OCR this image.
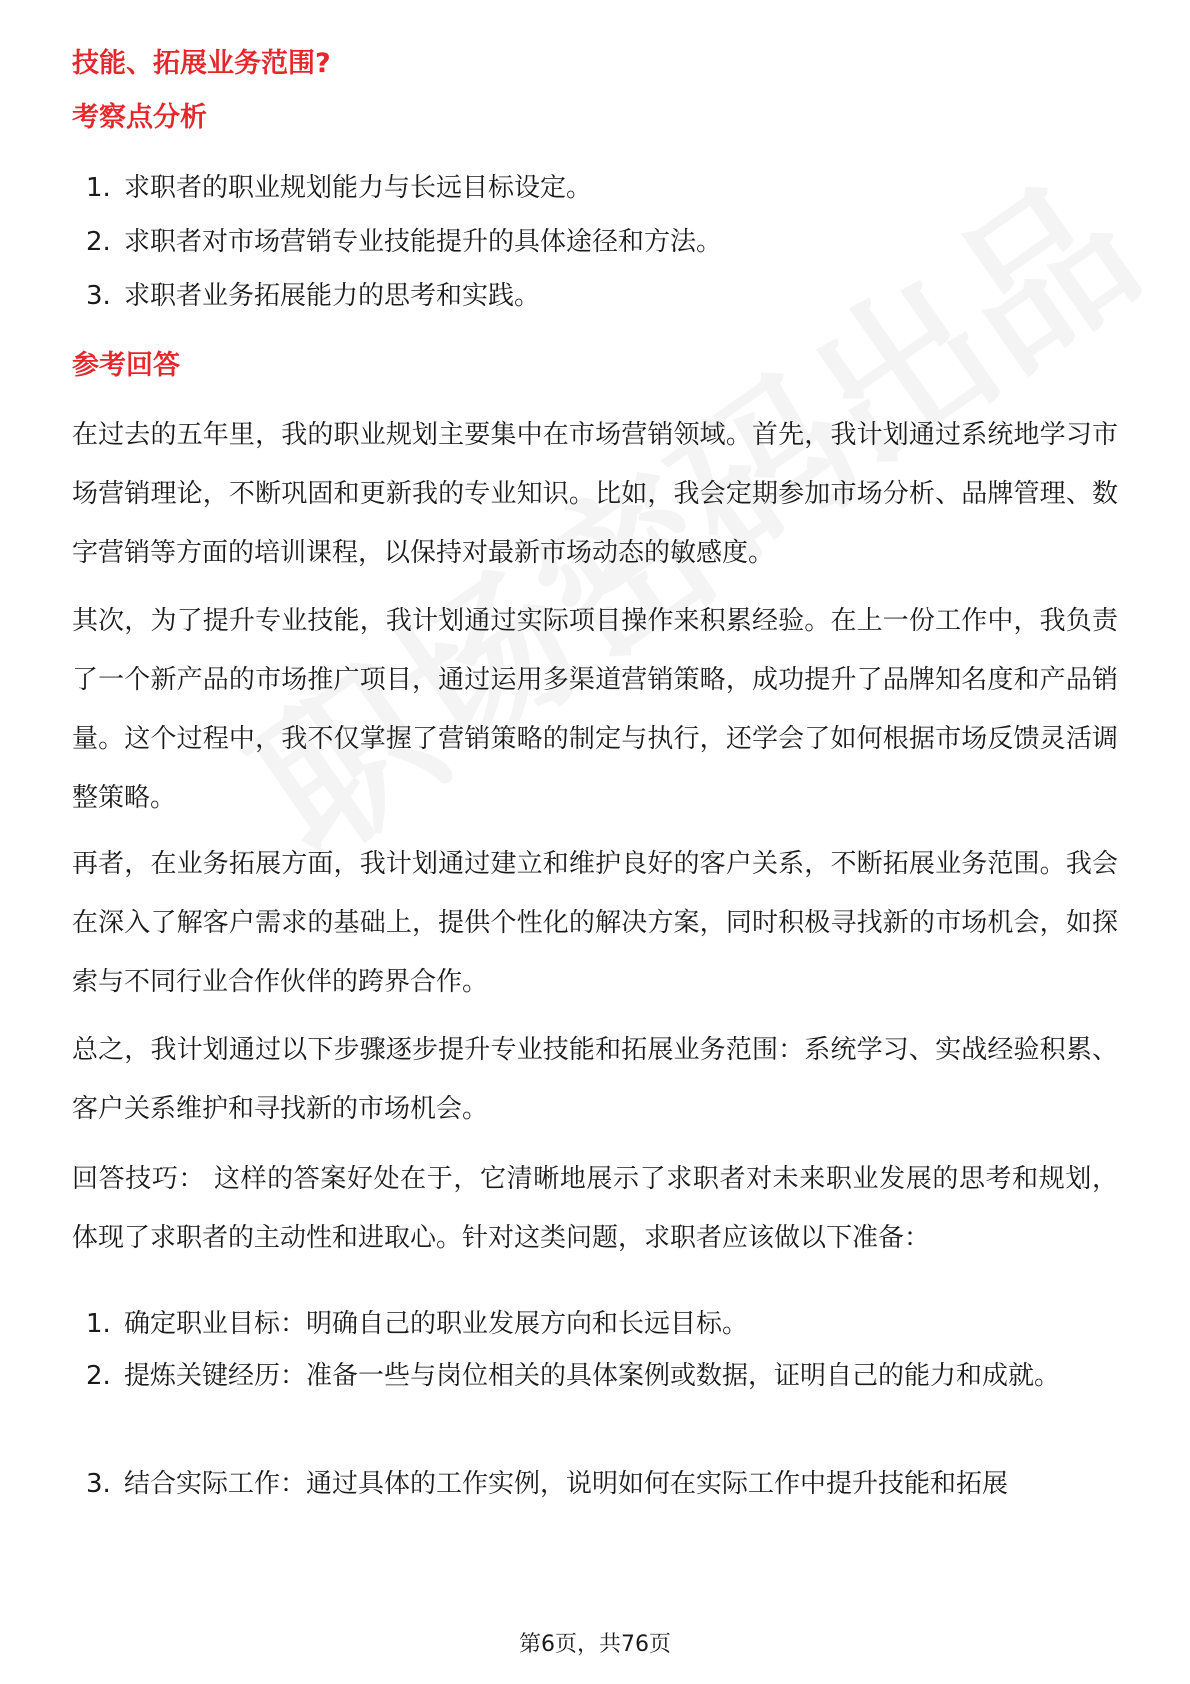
技能、拓展业务范围?
考察点分析
1. 求职者的职业规划能力与长远目标设定。
2. 求职者对市场营销专业技能提升的具体途径和方法。
3. 求职者业务拓展能力的思考和实践。
参考回答
在过去的五年里，我的职业规划主要集中在市场营销领域。首先，我计划通过系统地学习市场营销理论，不断巩固和更新我的专业知识。比如，我会定期参加市场分析、品牌管理、数字营销等方面的培训课程，以保持对最新市场动态的敏感度。
其次，为了提升专业技能，我计划通过实际项目操作来积累经验。在上一份工作中，我负责了一个新产品的市场推广项目，通过运用多渠道营销策略，成功提升了品牌知名度和产品销量。这个过程中，我不仅掌握了营销策略的制定与执行，还学会了如何根据市场反馈灵活调整策略。
再者，在业务拓展方面，我计划通过建立和维护良好的客户关系，不断拓展业务范围。我会在深入了解客户需求的基础上，提供个性化的解决方案，同时积极寻找新的市场机会，如探索与不同行业合作伙伴的跨界合作。
总之，我计划通过以下步骤逐步提升专业技能和拓展业务范围：系统学习、实战经验积累、客户关系维护和寻找新的市场机会。
回答技巧： 这样的答案好处在于，它清晰地展示了求职者对未来职业发展的思考和规划，体现了求职者的主动性和进取心。针对这类问题，求职者应该做以下准备：
1. 确定职业目标：明确自己的职业发展方向和长远目标。
2. 提炼关键经历：准备一些与岗位相关的具体案例或数据，证明自己的能力和成就。
3. 结合实际工作：通过具体的工作实例，说明如何在实际工作中提升技能和拓展
第6页，共76页
